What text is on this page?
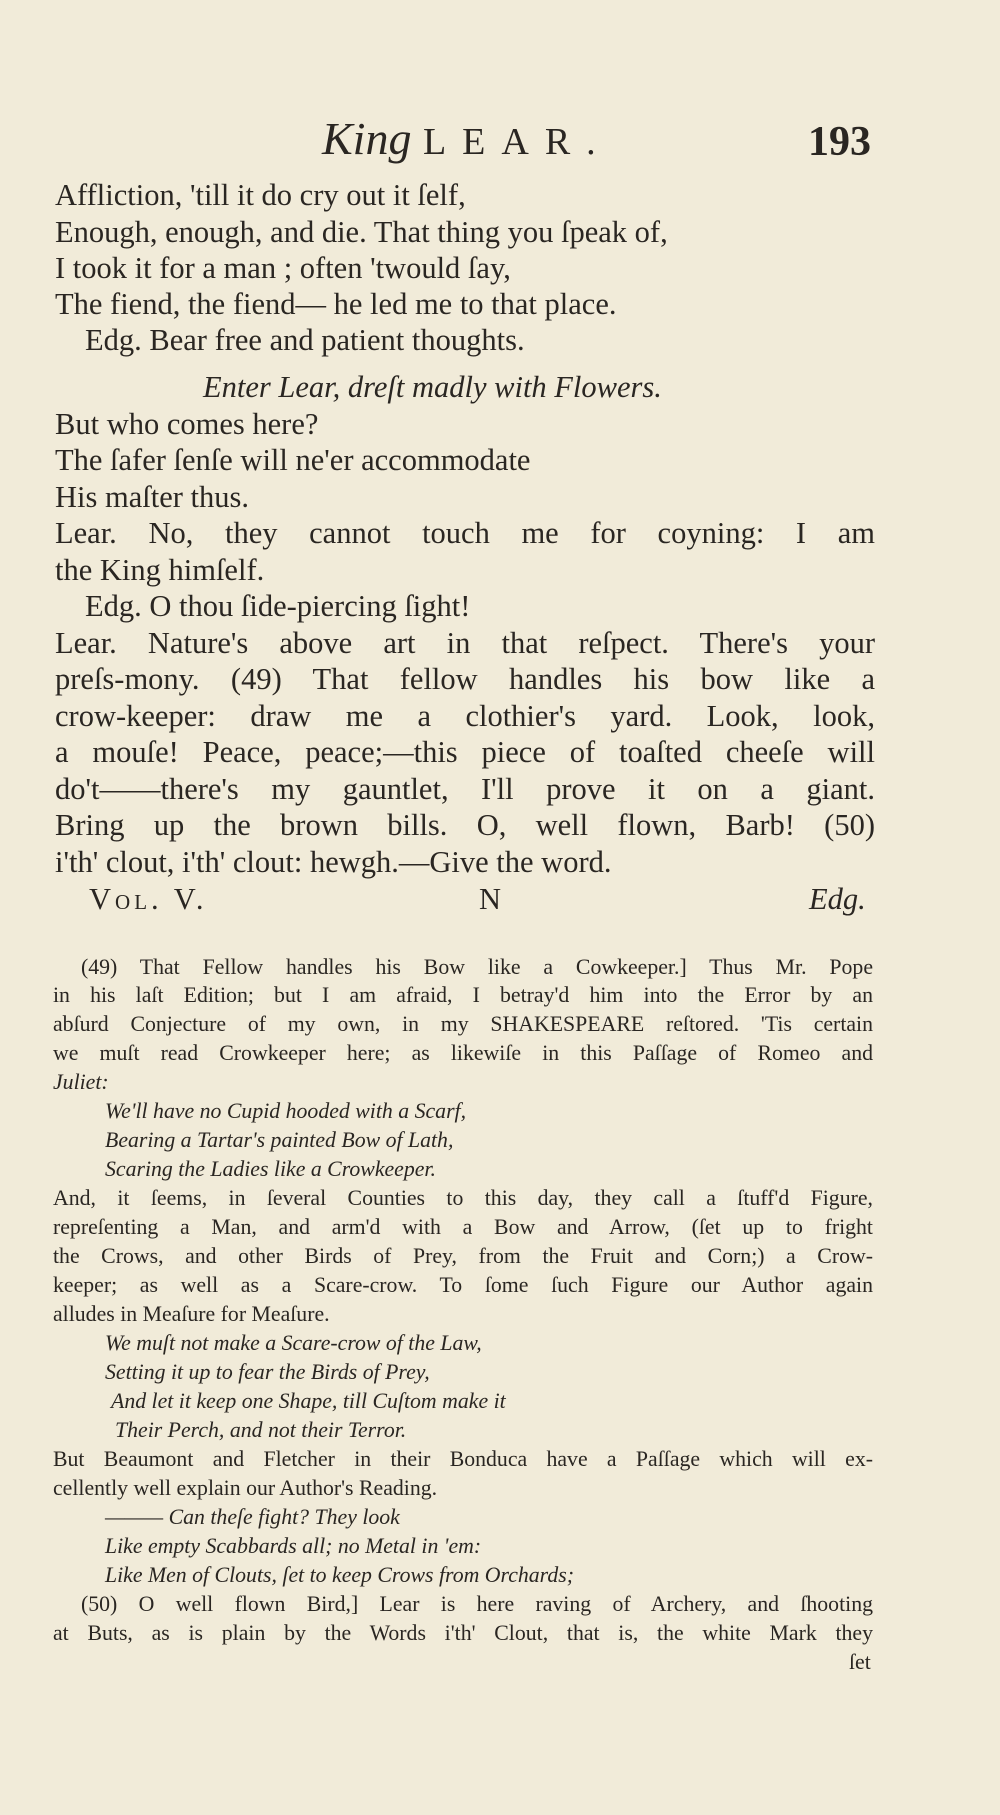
King LEAR.	193
Affliction, 'till it do cry out it ſelf,
Enough, enough, and die. That thing you ſpeak of,
I took it for a man ; often 'twould ſay,
The fiend, the fiend— he led me to that place.
Edg. Bear free and patient thoughts.
Enter Lear, dreſt madly with Flowers.
But who comes here?
The ſafer ſenſe will ne'er accommodate
His maſter thus.
Lear. No, they cannot touch me for coyning: I am
the King himſelf.
Edg. O thou ſide-piercing ſight!
Lear. Nature's above art in that reſpect. There's your
preſs-mony. (49) That fellow handles his bow like a
crow-keeper: draw me a clothier's yard. Look, look,
a mouſe! Peace, peace;—this piece of toaſted cheeſe will
do't——there's my gauntlet, I'll prove it on a giant.
Bring up the brown bills. O, well flown, Barb! (50)
i'th' clout, i'th' clout: hewgh.—Give the word.
Vol. V.	N	Edg.
(49) That Fellow handles his Bow like a Cowkeeper.] Thus Mr. Pope
in his laſt Edition; but I am afraid, I betray'd him into the Error by an
abſurd Conjecture of my own, in my SHAKESPEARE reſtored. 'Tis certain
we muſt read Crowkeeper here; as likewiſe in this Paſſage of Romeo and
Juliet:
We'll have no Cupid hooded with a Scarf,
Bearing a Tartar's painted Bow of Lath,
Scaring the Ladies like a Crowkeeper.
And, it ſeems, in ſeveral Counties to this day, they call a ſtuff'd Figure,
repreſenting a Man, and arm'd with a Bow and Arrow, (ſet up to fright
the Crows, and other Birds of Prey, from the Fruit and Corn;) a Crow-
keeper; as well as a Scare-crow. To ſome ſuch Figure our Author again
alludes in Meaſure for Meaſure.
We muſt not make a Scare-crow of the Law,
Setting it up to fear the Birds of Prey,
And let it keep one Shape, till Cuſtom make it
Their Perch, and not their Terror.
But Beaumont and Fletcher in their Bonduca have a Paſſage which will ex-
cellently well explain our Author's Reading.
——— Can theſe fight? They look
Like empty Scabbards all; no Metal in 'em:
Like Men of Clouts, ſet to keep Crows from Orchards;
(50) O well flown Bird,] Lear is here raving of Archery, and ſhooting
at Buts, as is plain by the Words i'th' Clout, that is, the white Mark they
ſet
